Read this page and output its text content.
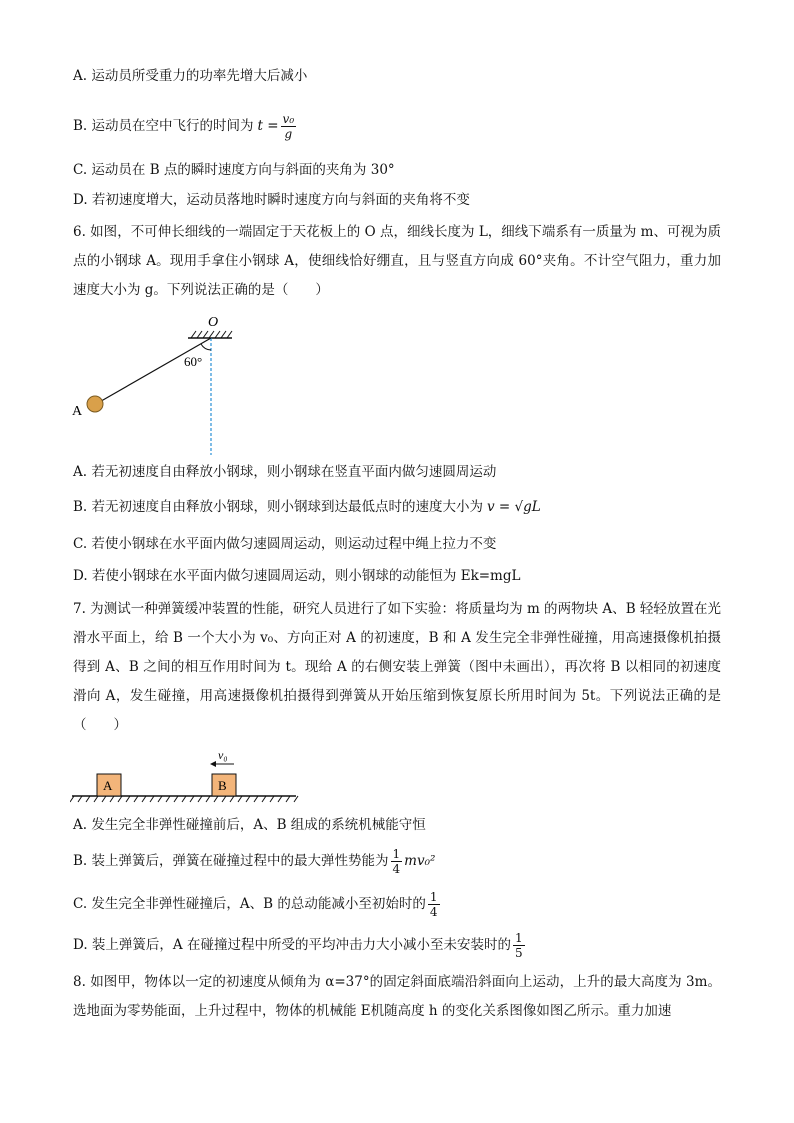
A. 运动员所受重力的功率先增大后减小
B. 运动员在空中飞行的时间为 $t = \frac{\text{v₀}}{g}$
C. 运动员在 B 点的瞬时速度方向与斜面的夹角为 30°
D. 若初速度增大，运动员落地时瞬时速度方向与斜面的夹角将不变
6. 如图，不可伸长细线的一端固定于天花板上的 O 点，细线长度为 L，细线下端系有一质量为 m、可视为质点的小钢球 A。现用手拿住小钢球 A，使细线恰好绷直，且与竖直方向成 60°夹角。不计空气阻力，重力加速度大小为 g。下列说法正确的是（　　）
O
60°
A
A. 若无初速度自由释放小钢球，则小钢球在竖直平面内做匀速圆周运动
B. 若无初速度自由释放小钢球，则小钢球到达最低点时的速度大小为 v = √gL
C. 若使小钢球在水平面内做匀速圆周运动，则运动过程中绳上拉力不变
D. 若使小钢球在水平面内做匀速圆周运动，则小钢球的动能恒为 Ek=mgL
7. 为测试一种弹簧缓冲装置的性能，研究人员进行了如下实验：将质量均为 m 的两物块 A、B 轻轻放置在光滑水平面上，给 B 一个大小为 v₀、方向正对 A 的初速度，B 和 A 发生完全非弹性碰撞，用高速摄像机拍摄得到 A、B 之间的相互作用时间为 t。现给 A 的右侧安装上弹簧（图中未画出），再次将 B 以相同的初速度滑向 A，发生碰撞，用高速摄像机拍摄得到弹簧从开始压缩到恢复原长所用时间为 5t。下列说法正确的是（　　）
A	B
v₀
A. 发生完全非弹性碰撞前后，A、B 组成的系统机械能守恒
B. 装上弹簧后，弹簧在碰撞过程中的最大弹性势能为 $\frac{1}{4} mv_0^2$
C. 发生完全非弹性碰撞后，A、B 的总动能减小至初始时的 $\frac{1}{4}$
D. 装上弹簧后，A 在碰撞过程中所受的平均冲击力大小减小至未安装时的 $\frac{1}{5}$
8. 如图甲，物体以一定的初速度从倾角为 α=37°的固定斜面底端沿斜面向上运动，上升的最大高度为 3m。选地面为零势能面，上升过程中，物体的机械能 E机随高度 h 的变化关系图像如图乙所示。重力加速
